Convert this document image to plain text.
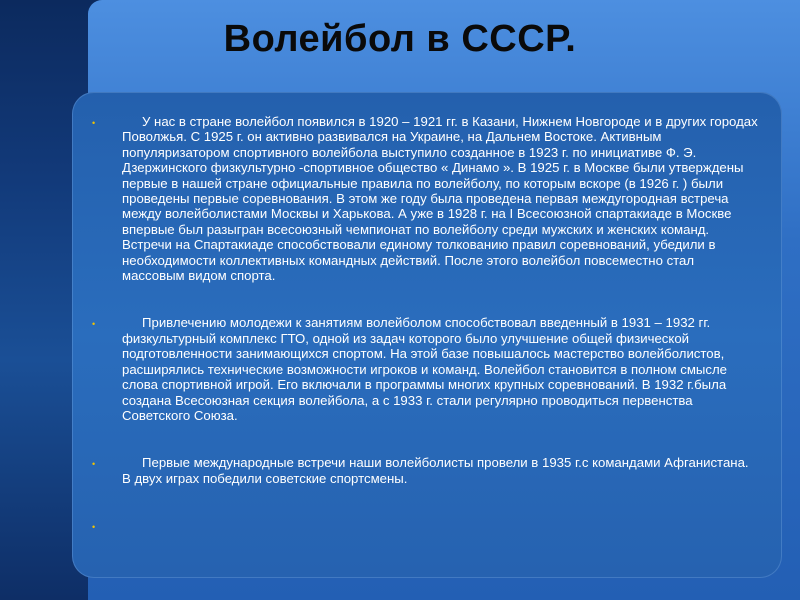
Волейбол в СССР.
•	У нас в стране волейбол появился в 1920 – 1921 гг. в Казани, Нижнем Новгороде и в других городах Поволжья. С 1925 г. он активно развивался на Украине, на Дальнем Востоке. Активным популяризатором спортивного волейбола выступило созданное в 1923 г. по инициативе Ф. Э. Дзержинского физкультурно -спортивное общество « Динамо ». В 1925 г. в Москве были утверждены первые в нашей стране официальные правила по волейболу, по которым вскоре (в 1926 г. ) были проведены первые соревнования. В этом же году была проведена первая междугородная встреча между волейболистами Москвы и Харькова. А уже в 1928 г. на I Всесоюзной спартакиаде в Москве впервые был разыгран всесоюзный чемпионат по волейболу среди мужских и женских команд. Встречи на Спартакиаде способствовали единому толкованию правил соревнований, убедили в необходимости коллективных командных действий. После этого волейбол повсеместно стал массовым видом спорта.

•	Привлечению молодежи к занятиям волейболом способствовал введенный в 1931 – 1932 гг. физкультурный комплекс ГТО, одной из задач которого было улучшение общей физической подготовленности занимающихся спортом. На этой базе повышалось мастерство волейболистов, расширялись технические возможности игроков и команд. Волейбол становится в полном смысле слова спортивной игрой. Его включали в программы многих крупных соревнований. В 1932 г.была создана Всесоюзная секция волейбола, а с 1933 г. стали регулярно проводиться первенства Советского Союза.

•	Первые международные встречи наши волейболисты провели в 1935 г.с командами Афганистана. В двух играх победили советские спортсмены.

•
